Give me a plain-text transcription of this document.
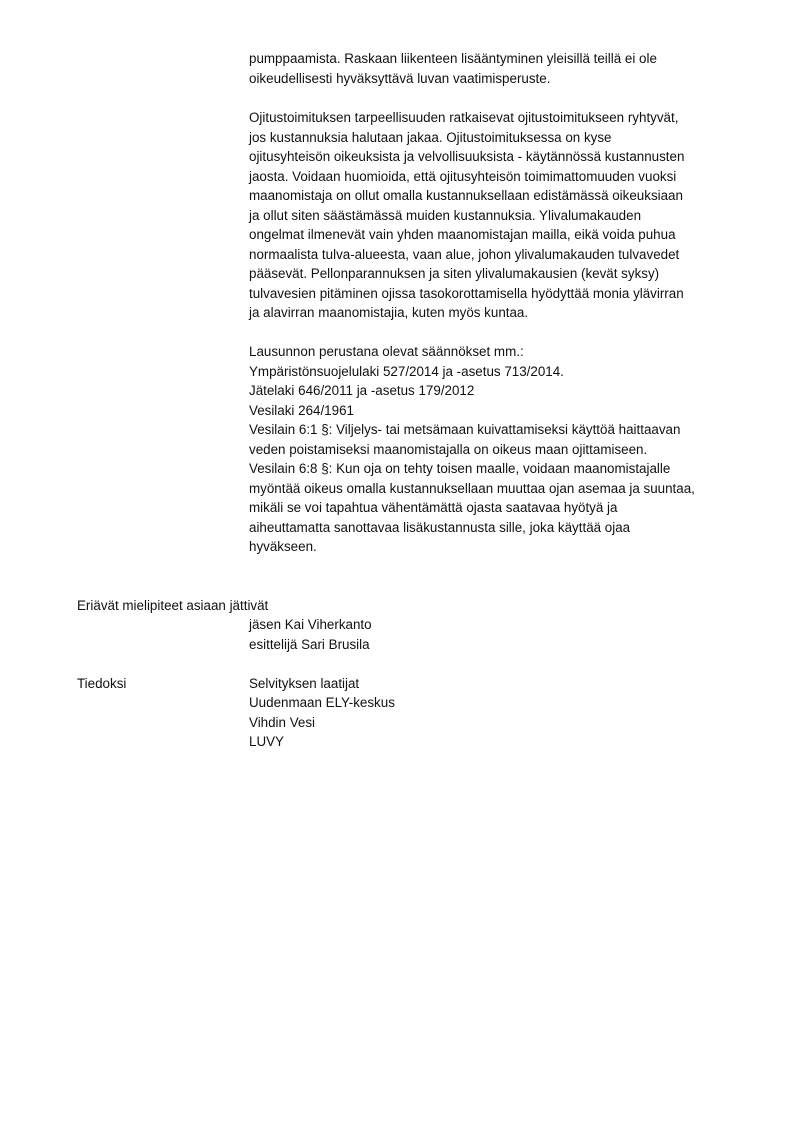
pumppaamista. Raskaan liikenteen lisääntyminen yleisillä teillä ei ole
oikeudellisesti hyväksyttävä luvan vaatimisperuste.
Ojitustoimituksen tarpeellisuuden ratkaisevat ojitustoimitukseen ryhtyvät,
jos kustannuksia halutaan jakaa. Ojitustoimituksessa on kyse
ojitusyhteisön oikeuksista ja velvollisuuksista - käytännössä kustannusten
jaosta. Voidaan huomioida, että ojitusyhteisön toimimattomuuden vuoksi
maanomistaja on ollut omalla kustannuksellaan edistämässä oikeuksiaan
ja ollut siten säästämässä muiden kustannuksia. Ylivalumakauden
ongelmat ilmenevät vain yhden maanomistajan mailla, eikä voida puhua
normaalista tulva-alueesta, vaan alue, johon ylivalumakauden tulvavedet
pääsevät. Pellonparannuksen ja siten ylivalumakausien (kevät syksy)
tulvavesien pitäminen ojissa tasokorottamisella hyödyttää monia ylävirran
ja alavirran maanomistajia, kuten myös kuntaa.
Lausunnon perustana olevat säännökset mm.:
Ympäristönsuojelulaki 527/2014 ja -asetus 713/2014.
Jätelaki 646/2011 ja -asetus 179/2012
Vesilaki 264/1961
Vesilain 6:1 §: Viljelys- tai metsämaan kuivattamiseksi käyttöä haittaavan
veden poistamiseksi maanomistajalla on oikeus maan ojittamiseen.
Vesilain 6:8 §: Kun oja on tehty toisen maalle, voidaan maanomistajalle
myöntää oikeus omalla kustannuksellaan muuttaa ojan asemaa ja suuntaa,
mikäli se voi tapahtua vähentämättä ojasta saatavaa hyötyä ja
aiheuttamatta sanottavaa lisäkustannusta sille, joka käyttää ojaa
hyväkseen.
Eriävät mielipiteet asiaan jättivät
jäsen Kai Viherkanto
esittelijä Sari Brusila
Tiedoksi	Selvityksen laatijat
Uudenmaan ELY-keskus
Vihdin Vesi
LUVY
